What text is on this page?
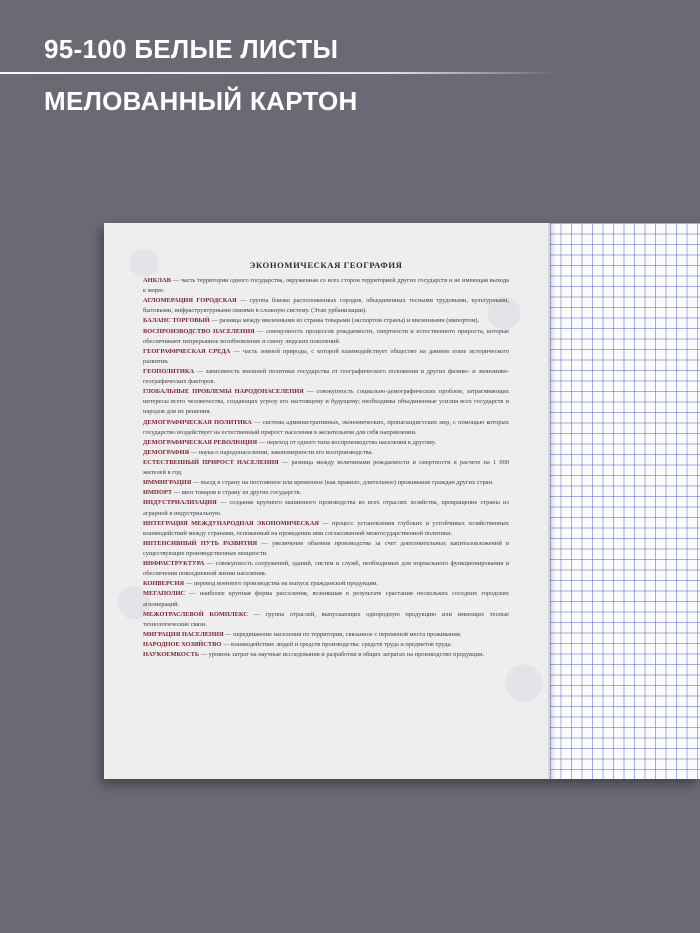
95-100 БЕЛЫЕ ЛИСТЫ
МЕЛОВАННЫЙ КАРТОН
ЭКОНОМИЧЕСКАЯ ГЕОГРАФИЯ
АНКЛАВ — часть территории одного государства, окруженная со всех сторон территорией других государств и не имеющая выхода к морю.
АГЛОМЕРАЦИЯ ГОРОДСКАЯ — группа близко расположенных городов, объединенных тесными трудовыми, культурными, бытовыми, инфраструктурными связями в сложную систему. (Этап урбанизации).
БАЛАНС ТОРГОВЫЙ — разница между ввезенными из страны товарами (экспортом страны) и ввезенными (импортом).
ВОСПРОИЗВОДСТВО НАСЕЛЕНИЯ — совокупность процессов рождаемости, смертности и естественного прироста, которые обеспечивают непрерывное возобновление и смену людских поколений.
ГЕОГРАФИЧЕСКАЯ СРЕДА — часть земной природы, с которой взаимодействует общество на данном этапе исторического развития.
ГЕОПОЛИТИКА — зависимость внешней политики государства от географического положения и других физико- и экономико-географических факторов.
ГЛОБАЛЬНЫЕ ПРОБЛЕМЫ НАРОДОНАСЕЛЕНИЯ — совокупность социально-демографических проблем, затрагивающих интересы всего человечества, создающих угрозу его настоящему и будущему; необходимы объединенные усилия всех государств и народов для их решения.
ДЕМОГРАФИЧЕСКАЯ ПОЛИТИКА — система административных, экономических, пропагандистских мер, с помощью которых государство воздействует на естественный прирост населения в желательном для себя направлении.
ДЕМОГРАФИЧЕСКАЯ РЕВОЛЮЦИЯ — переход от одного типа воспроизводства населения к другому.
ДЕМОГРАФИЯ — наука о народонаселении, закономерности его воспроизводства.
ЕСТЕСТВЕННЫЙ ПРИРОСТ НАСЕЛЕНИЯ — разница между величинами рождаемости и смертности в расчете на 1 000 жителей в год.
ИММИГРАЦИЯ — въезд в страну на постоянное или временное (как правило, длительное) проживание граждан других стран.
ИМПОРТ — ввоз товаров в страну из других государств.
ИНДУСТРИАЛИЗАЦИЯ — создание крупного машинного производства во всех отраслях хозяйства, превращение страны из аграрной в индустриальную.
ИНТЕГРАЦИЯ МЕЖДУНАРОДНАЯ ЭКОНОМИЧЕСКАЯ — процесс установления глубоких и устойчивых хозяйственных взаимодействий между странами, основанный на проведении ими согласованной межгосударственной политики.
ИНТЕНСИВНЫЙ ПУТЬ РАЗВИТИЯ — увеличение объемов производства за счет дополнительных капиталовложений в существующие производственные мощности.
ИНФРАСТРУКТУРА — совокупность сооружений, зданий, систем и служб, необходимых для нормального функционирования и обеспечения повседневной жизни населения.
КОНВЕРСИЯ — перевод военного производства на выпуск гражданской продукции.
МЕГАПОЛИС — наиболее крупная форма расселения, возникшая в результате срастания нескольких соседних городских агломераций.
МЕЖОТРАСЛЕВОЙ КОМПЛЕКС — группа отраслей, выпускающих однородную продукцию или имеющих тесные технологические связи.
МИГРАЦИЯ НАСЕЛЕНИЯ — передвижение населения по территории, связанное с переменой места проживания.
НАРОДНОЕ ХОЗЯЙСТВО — взаимодействие людей и средств производства: средств труда и предметов труда.
НАУКОЕМКОСТЬ — уровень затрат на научные исследования и разработки в общих затратах на производство продукции.
